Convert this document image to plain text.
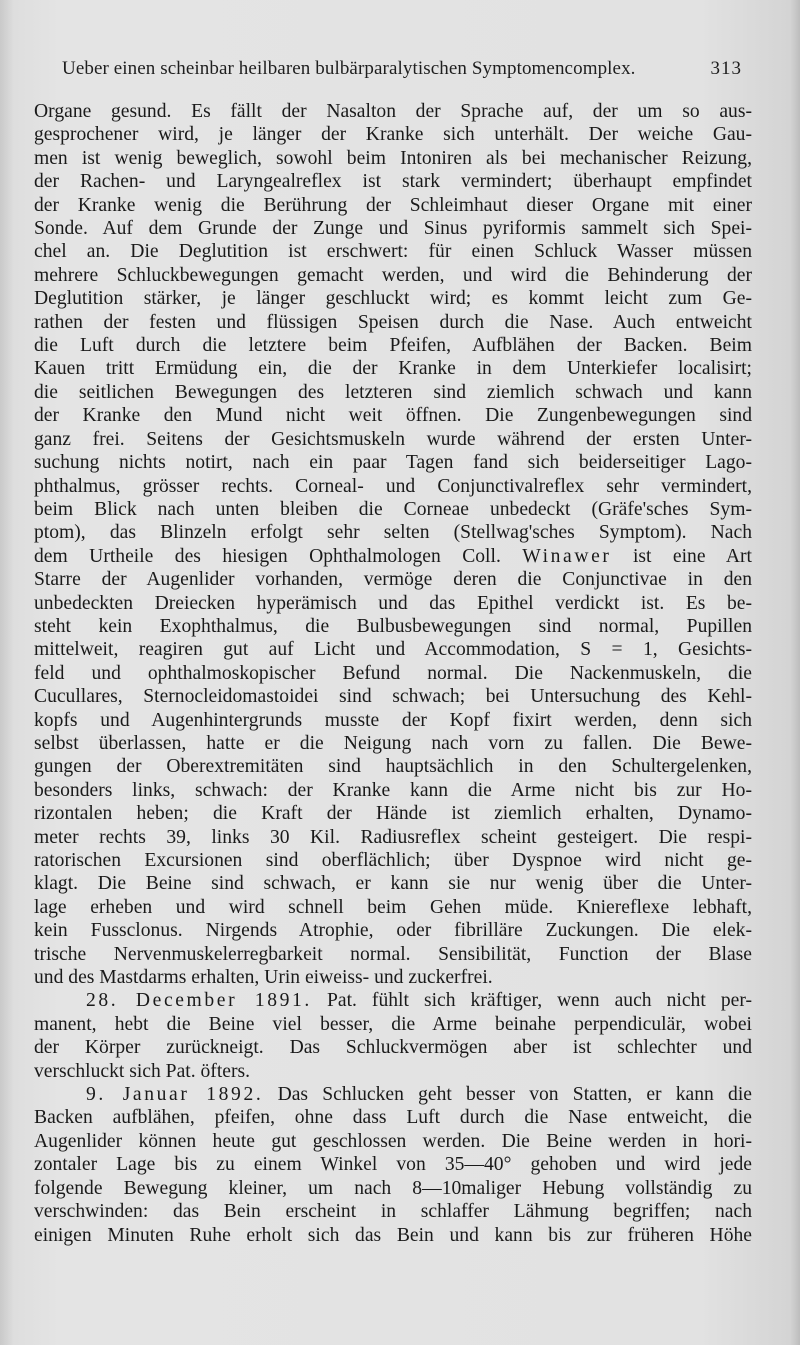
Ueber einen scheinbar heilbaren bulbärparalytischen Symptomencomplex.	313
Organe gesund. Es fällt der Nasalton der Sprache auf, der um so aus-
gesprochener wird, je länger der Kranke sich unterhält. Der weiche Gau-
men ist wenig beweglich, sowohl beim Intoniren als bei mechanischer Reizung,
der Rachen- und Laryngealreflex ist stark vermindert; überhaupt empfindet
der Kranke wenig die Berührung der Schleimhaut dieser Organe mit einer
Sonde. Auf dem Grunde der Zunge und Sinus pyriformis sammelt sich Spei-
chel an. Die Deglutition ist erschwert: für einen Schluck Wasser müssen
mehrere Schluckbewegungen gemacht werden, und wird die Behinderung der
Deglutition stärker, je länger geschluckt wird; es kommt leicht zum Ge-
rathen der festen und flüssigen Speisen durch die Nase. Auch entweicht
die Luft durch die letztere beim Pfeifen, Aufblähen der Backen. Beim
Kauen tritt Ermüdung ein, die der Kranke in dem Unterkiefer localisirt;
die seitlichen Bewegungen des letzteren sind ziemlich schwach und kann
der Kranke den Mund nicht weit öffnen. Die Zungenbewegungen sind
ganz frei. Seitens der Gesichtsmuskeln wurde während der ersten Unter-
suchung nichts notirt, nach ein paar Tagen fand sich beiderseitiger Lago-
phthalmus, grösser rechts. Corneal- und Conjunctivalreflex sehr vermindert,
beim Blick nach unten bleiben die Corneae unbedeckt (Gräfe'sches Sym-
ptom), das Blinzeln erfolgt sehr selten (Stellwag'sches Symptom). Nach
dem Urtheile des hiesigen Ophthalmologen Coll. Winawer ist eine Art
Starre der Augenlider vorhanden, vermöge deren die Conjunctivae in den
unbedeckten Dreiecken hyperämisch und das Epithel verdickt ist. Es be-
steht kein Exophthalmus, die Bulbusbewegungen sind normal, Pupillen
mittelweit, reagiren gut auf Licht und Accommodation, S = 1, Gesichts-
feld und ophthalmoskopischer Befund normal. Die Nackenmuskeln, die
Cucullares, Sternocleidomastoidei sind schwach; bei Untersuchung des Kehl-
kopfs und Augenhintergrunds musste der Kopf fixirt werden, denn sich
selbst überlassen, hatte er die Neigung nach vorn zu fallen. Die Bewe-
gungen der Oberextremitäten sind hauptsächlich in den Schultergelenken,
besonders links, schwach: der Kranke kann die Arme nicht bis zur Ho-
rizontalen heben; die Kraft der Hände ist ziemlich erhalten, Dynamo-
meter rechts 39, links 30 Kil. Radiusreflex scheint gesteigert. Die respi-
ratorischen Excursionen sind oberflächlich; über Dyspnoe wird nicht ge-
klagt. Die Beine sind schwach, er kann sie nur wenig über die Unter-
lage erheben und wird schnell beim Gehen müde. Kniereflexe lebhaft,
kein Fussclonus. Nirgends Atrophie, oder fibrilläre Zuckungen. Die elek-
trische Nervenmuskelerregbarkeit normal. Sensibilität, Function der Blase
und des Mastdarms erhalten, Urin eiweiss- und zuckerfrei.
28. December 1891. Pat. fühlt sich kräftiger, wenn auch nicht per-
manent, hebt die Beine viel besser, die Arme beinahe perpendiculär, wobei
der Körper zurückneigt. Das Schluckvermögen aber ist schlechter und
verschluckt sich Pat. öfters.
9. Januar 1892. Das Schlucken geht besser von Statten, er kann die
Backen aufblähen, pfeifen, ohne dass Luft durch die Nase entweicht, die
Augenlider können heute gut geschlossen werden. Die Beine werden in hori-
zontaler Lage bis zu einem Winkel von 35—40° gehoben und wird jede
folgende Bewegung kleiner, um nach 8—10maliger Hebung vollständig zu
verschwinden: das Bein erscheint in schlaffer Lähmung begriffen; nach
einigen Minuten Ruhe erholt sich das Bein und kann bis zur früheren Höhe
